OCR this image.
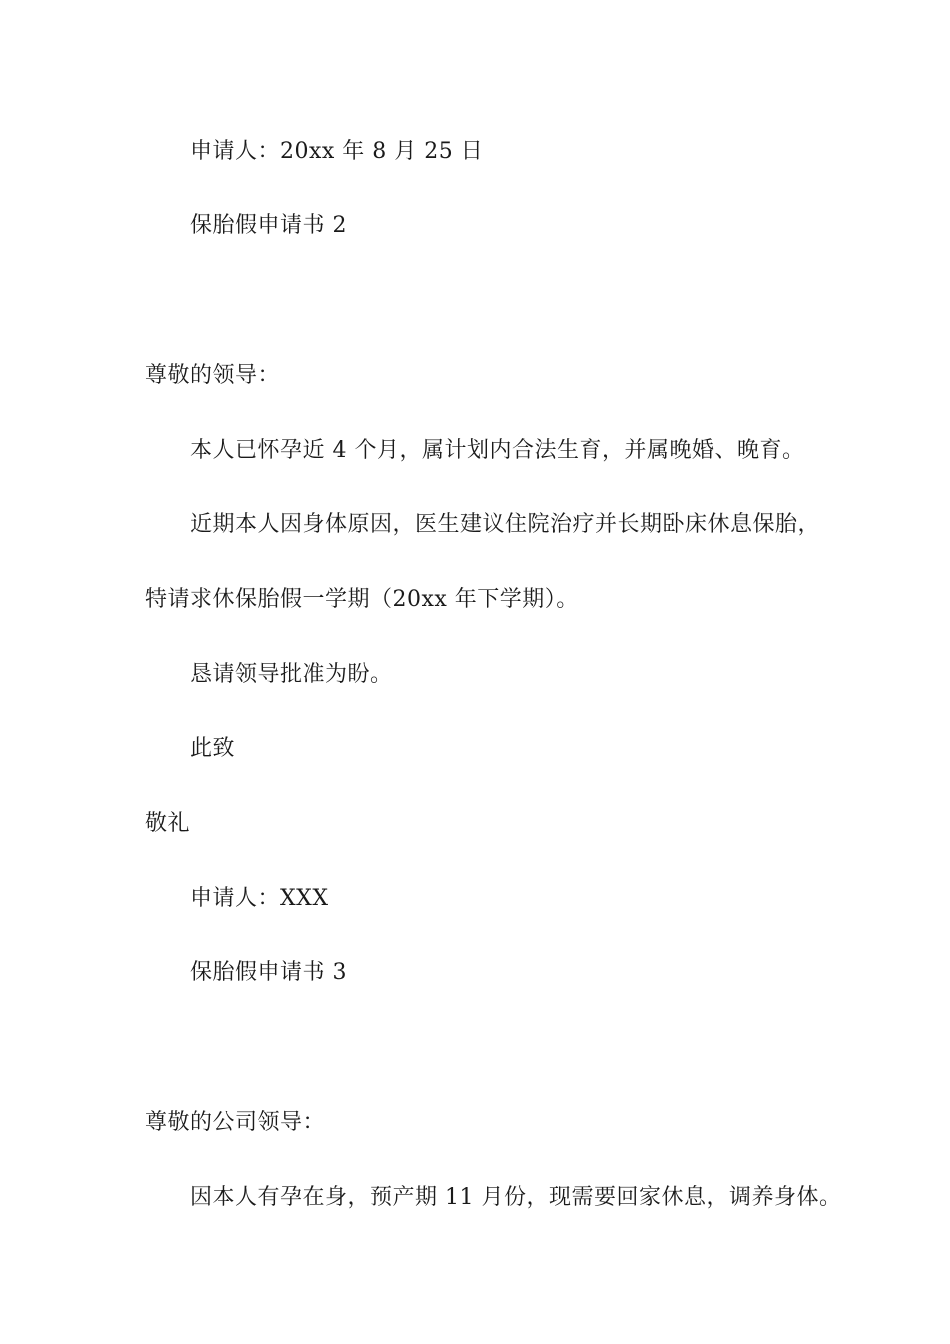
申请人：20xx 年 8 月 25 日
保胎假申请书 2
尊敬的领导：
本人已怀孕近 4 个月，属计划内合法生育，并属晚婚、晚育。
近期本人因身体原因，医生建议住院治疗并长期卧床休息保胎，
特请求休保胎假一学期（20xx 年下学期）。
恳请领导批准为盼。
此致
敬礼
申请人：XXX
保胎假申请书 3
尊敬的公司领导：
因本人有孕在身，预产期 11 月份，现需要回家休息，调养身体。
